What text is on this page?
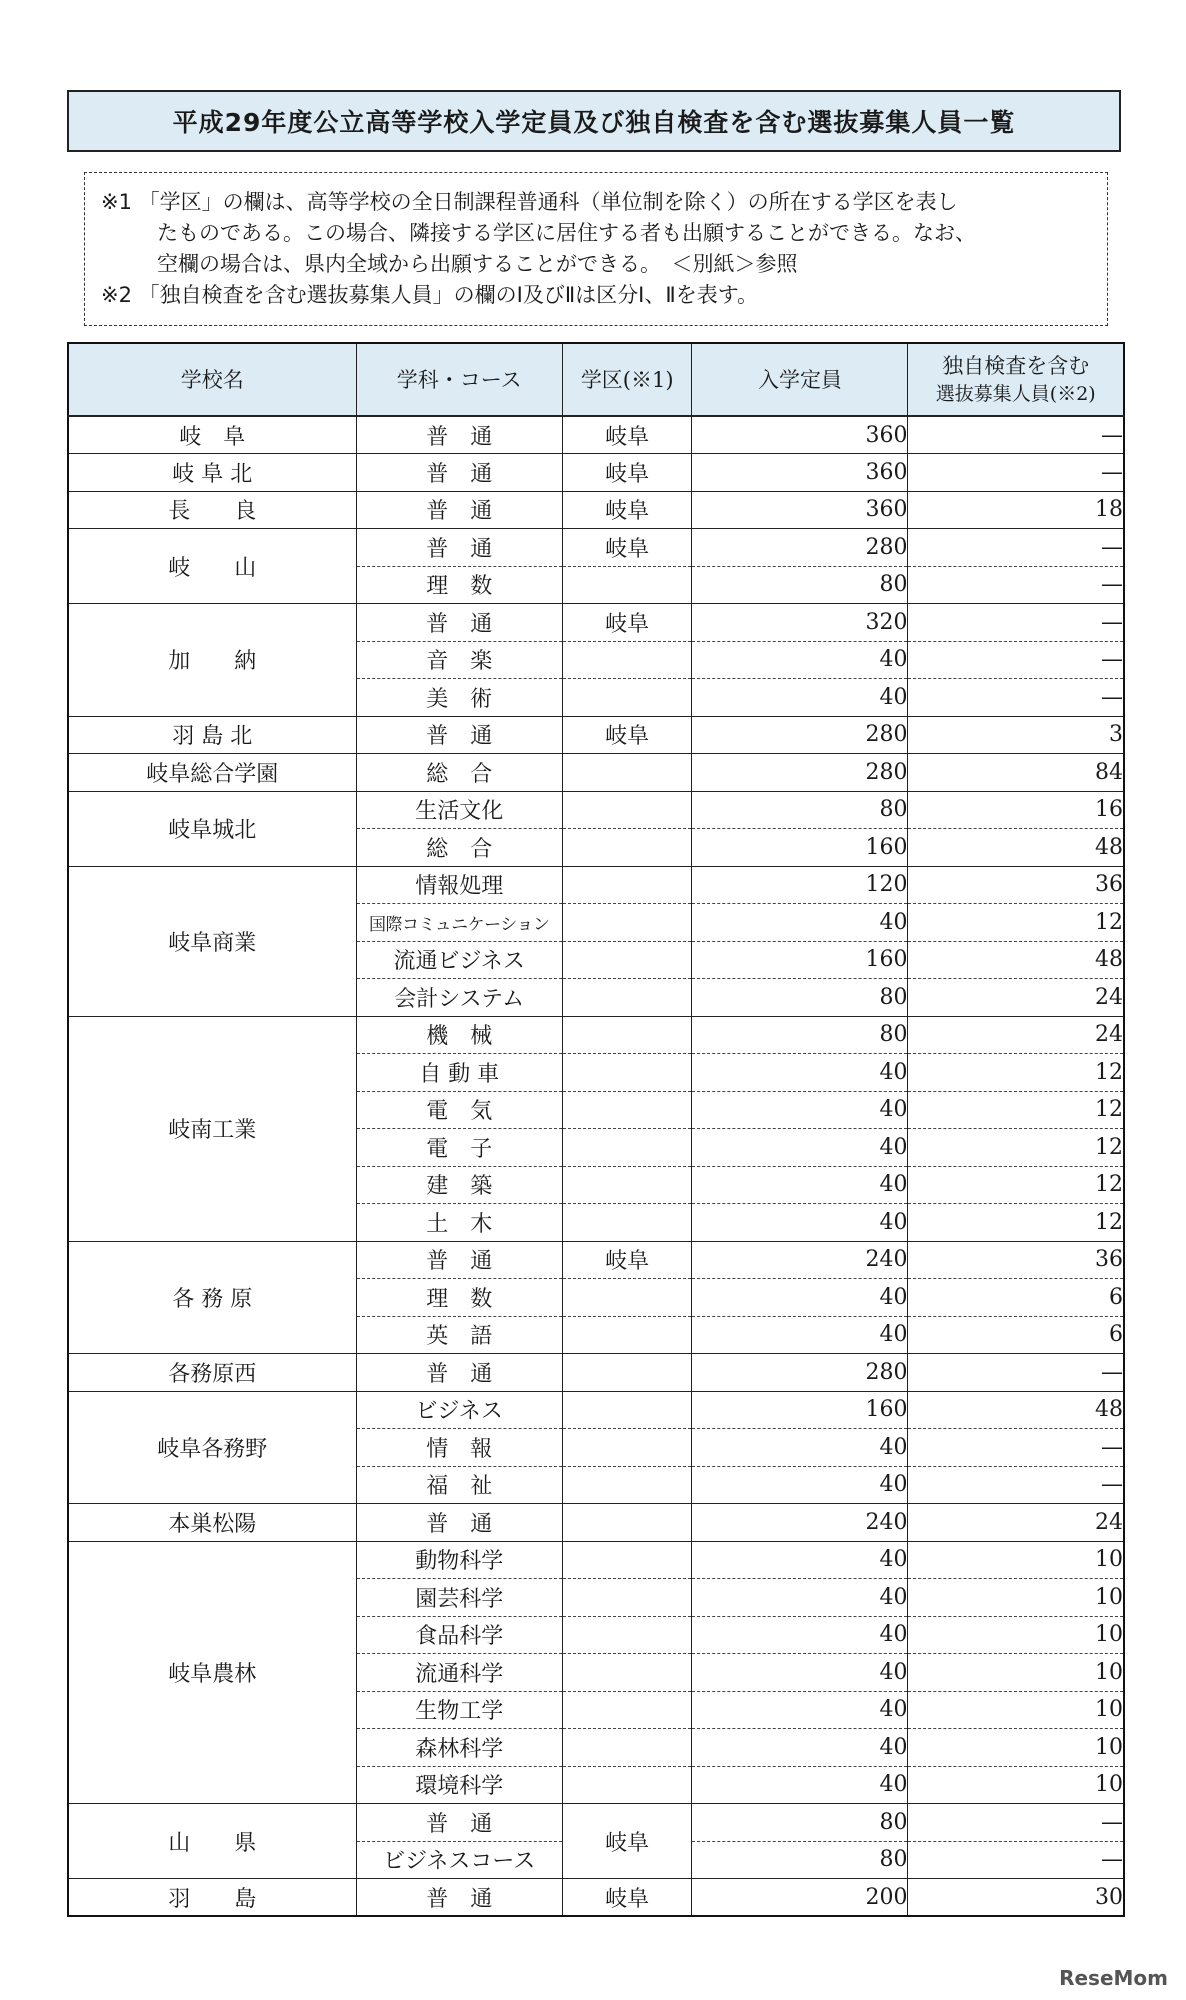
平成29年度公立高等学校入学定員及び独自検査を含む選抜募集人員一覧
※1 「学区」の欄は、高等学校の全日制課程普通科（単位制を除く）の所在する学区を表し
たものである。この場合、隣接する学区に居住する者も出願することができる。なお、
空欄の場合は、県内全域から出願することができる。　＜別紙＞参照
※2 「独自検査を含む選抜募集人員」の欄のⅠ及びⅡは区分Ⅰ、Ⅱを表す。
学校名	学科・コース	学区(※1)	入学定員	独自検査を含む
選抜募集人員(※2)

岐　阜	普　通	岐阜	360	—
岐 阜 北	普　通	岐阜	360	—
長　　良	普　通	岐阜	360	18
岐　　山	普　通	岐阜	280	—
	理　数		80	—
加　　納	普　通	岐阜	320	—
	音　楽		40	—
	美　術		40	—
羽 島 北	普　通	岐阜	280	3
岐阜総合学園	総　合		280	84
岐阜城北	生活文化		80	16
	総　合		160	48
岐阜商業	情報処理		120	36
	国際コミュニケーション		40	12
	流通ビジネス		160	48
	会計システム		80	24
岐南工業	機　械		80	24
	自 動 車		40	12
	電　気		40	12
	電　子		40	12
	建　築		40	12
	土　木		40	12
各 務 原	普　通	岐阜	240	36
	理　数		40	6
	英　語		40	6
各務原西	普　通		280	—
岐阜各務野	ビジネス		160	48
	情　報		40	—
	福　祉		40	—
本巣松陽	普　通		240	24
岐阜農林	動物科学		40	10
	園芸科学		40	10
	食品科学		40	10
	流通科学		40	10
	生物工学		40	10
	森林科学		40	10
	環境科学		40	10
山　　県	普　通	岐阜	80	—
	ビジネスコース		80	—
羽　　島	普　通	岐阜	200	30
ReseMom
